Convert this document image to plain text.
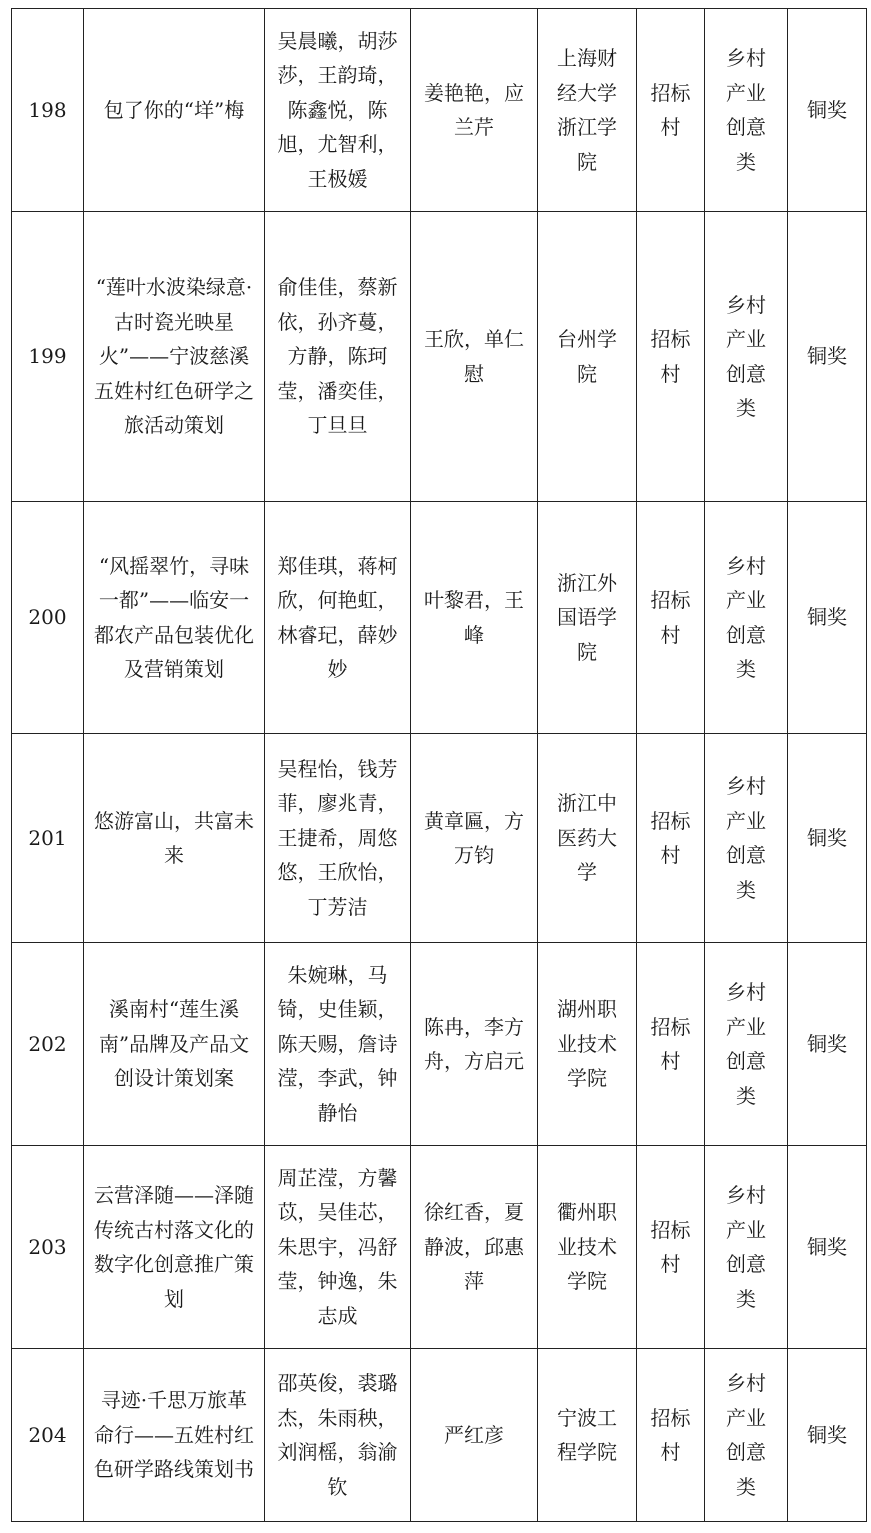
198	包了你的“垟”梅	吴晨曦，胡莎莎，王韵琦，陈鑫悦，陈旭，尤智利，王极媛	姜艳艳，应兰芹	上海财经大学浙江学院	招标村	乡村产业创意类	铜奖
199	“莲叶水波染绿意·古时瓷光映星火”——宁波慈溪五姓村红色研学之旅活动策划	俞佳佳，蔡新依，孙齐蔓，方静，陈珂莹，潘奕佳，丁旦旦	王欣，单仁慰	台州学院	招标村	乡村产业创意类	铜奖
200	“风摇翠竹，寻味一都”——临安一都农产品包装优化及营销策划	郑佳琪，蒋柯欣，何艳虹，林睿玘，薛妙妙	叶黎君，王峰	浙江外国语学院	招标村	乡村产业创意类	铜奖
201	悠游富山，共富未来	吴程怡，钱芳菲，廖兆青，王捷希，周悠悠，王欣怡，丁芳洁	黄章匾，方万钧	浙江中医药大学	招标村	乡村产业创意类	铜奖
202	溪南村“莲生溪南”品牌及产品文创设计策划案	朱婉琳，马锜，史佳颖，陈天赐，詹诗滢，李武，钟静怡	陈冉，李方舟，方启元	湖州职业技术学院	招标村	乡村产业创意类	铜奖
203	云营泽随——泽随传统古村落文化的数字化创意推广策划	周芷滢，方馨苡，吴佳芯，朱思宇，冯舒莹，钟逸，朱志成	徐红香，夏静波，邱惠萍	衢州职业技术学院	招标村	乡村产业创意类	铜奖
204	寻迹·千思万旅革命行——五姓村红色研学路线策划书	邵英俊，裘璐杰，朱雨秧，刘润榣，翁渝钦	严红彦	宁波工程学院	招标村	乡村产业创意类	铜奖
